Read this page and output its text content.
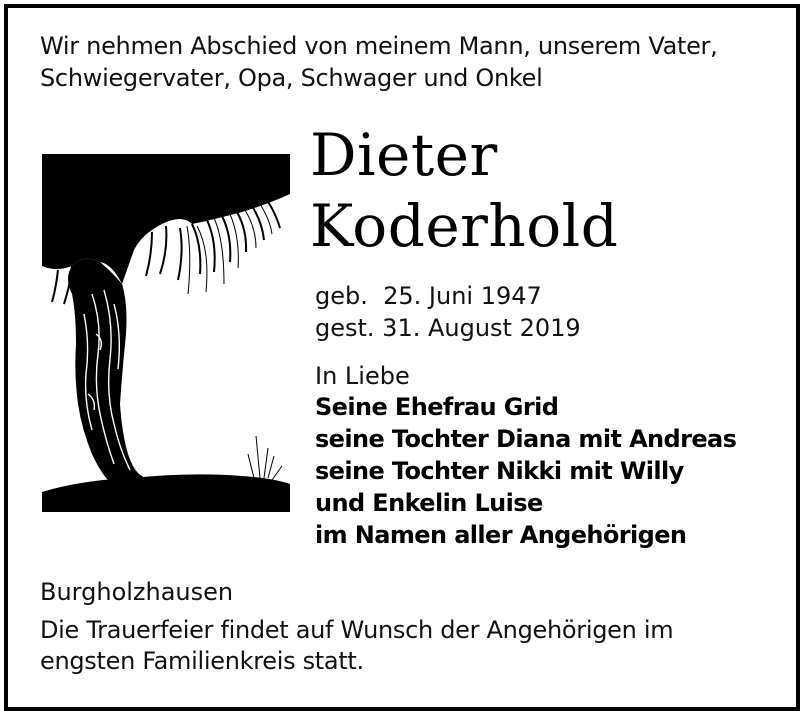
Wir nehmen Abschied von meinem Mann, unserem Vater,
Schwiegervater, Opa, Schwager und Onkel
Dieter
Koderhold
geb.  25. Juni 1947
gest. 31. August 2019
In Liebe
Seine Ehefrau Grid
seine Tochter Diana mit Andreas
seine Tochter Nikki mit Willy
und Enkelin Luise
im Namen aller Angehörigen
Burgholzhausen
Die Trauerfeier findet auf Wunsch der Angehörigen im
engsten Familienkreis statt.
